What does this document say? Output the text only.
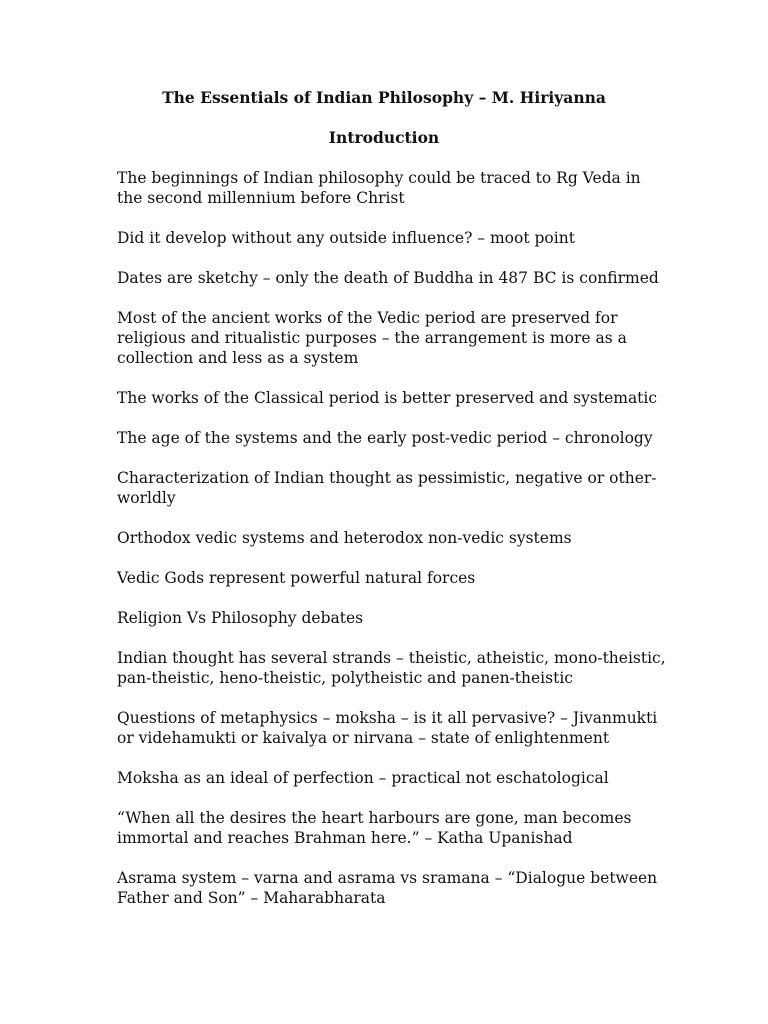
The Essentials of Indian Philosophy – M. Hiriyanna
Introduction
The beginnings of Indian philosophy could be traced to Rg Veda in
the second millennium before Christ
Did it develop without any outside influence? – moot point
Dates are sketchy – only the death of Buddha in 487 BC is confirmed
Most of the ancient works of the Vedic period are preserved for
religious and ritualistic purposes – the arrangement is more as a
collection and less as a system
The works of the Classical period is better preserved and systematic
The age of the systems and the early post-vedic period – chronology
Characterization of Indian thought as pessimistic, negative or other-
worldly
Orthodox vedic systems and heterodox non-vedic systems
Vedic Gods represent powerful natural forces
Religion Vs Philosophy debates
Indian thought has several strands – theistic, atheistic, mono-theistic,
pan-theistic, heno-theistic, polytheistic and panen-theistic
Questions of metaphysics – moksha – is it all pervasive? – Jivanmukti
or videhamukti or kaivalya or nirvana – state of enlightenment
Moksha as an ideal of perfection – practical not eschatological
“When all the desires the heart harbours are gone, man becomes
immortal and reaches Brahman here.” – Katha Upanishad
Asrama system – varna and asrama vs sramana – “Dialogue between
Father and Son” – Maharabharata
